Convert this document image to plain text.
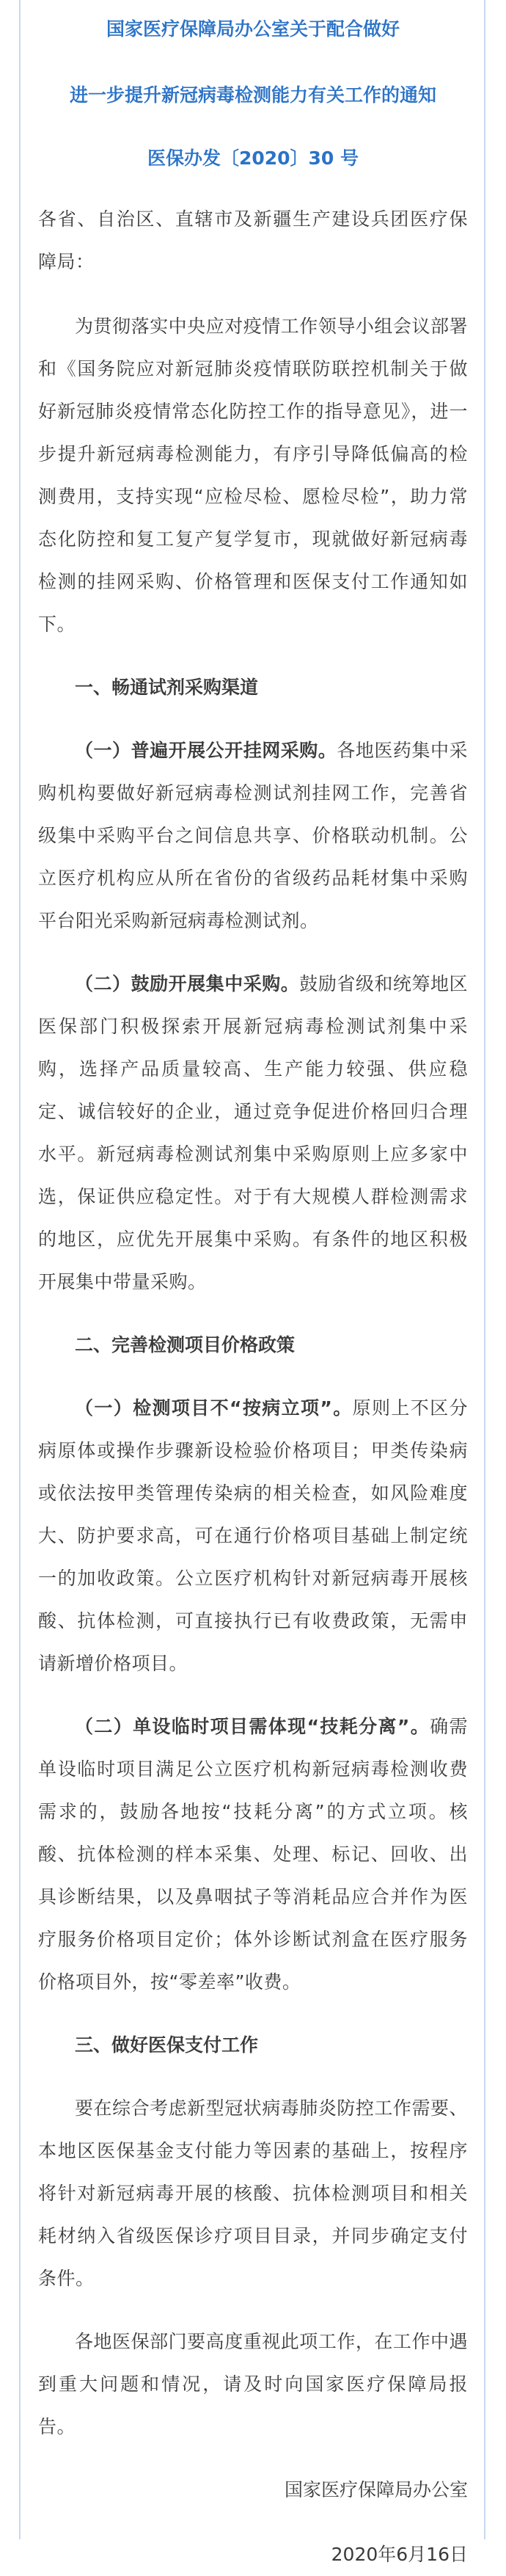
国家医疗保障局办公室关于配合做好

进一步提升新冠病毒检测能力有关工作的通知

医保办发〔2020〕30 号

各省、自治区、直辖市及新疆生产建设兵团医疗保障局：

为贯彻落实中央应对疫情工作领导小组会议部署和《国务院应对新冠肺炎疫情联防联控机制关于做好新冠肺炎疫情常态化防控工作的指导意见》，进一步提升新冠病毒检测能力，有序引导降低偏高的检测费用，支持实现“应检尽检、愿检尽检”，助力常态化防控和复工复产复学复市，现就做好新冠病毒检测的挂网采购、价格管理和医保支付工作通知如下。

一、畅通试剂采购渠道

（一）普遍开展公开挂网采购。各地医药集中采购机构要做好新冠病毒检测试剂挂网工作，完善省级集中采购平台之间信息共享、价格联动机制。公立医疗机构应从所在省份的省级药品耗材集中采购平台阳光采购新冠病毒检测试剂。

（二）鼓励开展集中采购。鼓励省级和统筹地区医保部门积极探索开展新冠病毒检测试剂集中采购，选择产品质量较高、生产能力较强、供应稳定、诚信较好的企业，通过竞争促进价格回归合理水平。新冠病毒检测试剂集中采购原则上应多家中选，保证供应稳定性。对于有大规模人群检测需求的地区，应优先开展集中采购。有条件的地区积极开展集中带量采购。

二、完善检测项目价格政策

（一）检测项目不“按病立项”。原则上不区分病原体或操作步骤新设检验价格项目；甲类传染病或依法按甲类管理传染病的相关检查，如风险难度大、防护要求高，可在通行价格项目基础上制定统一的加收政策。公立医疗机构针对新冠病毒开展核酸、抗体检测，可直接执行已有收费政策，无需申请新增价格项目。

（二）单设临时项目需体现“技耗分离”。确需单设临时项目满足公立医疗机构新冠病毒检测收费需求的，鼓励各地按“技耗分离”的方式立项。核酸、抗体检测的样本采集、处理、标记、回收、出具诊断结果，以及鼻咽拭子等消耗品应合并作为医疗服务价格项目定价；体外诊断试剂盒在医疗服务价格项目外，按“零差率”收费。

三、做好医保支付工作

要在综合考虑新型冠状病毒肺炎防控工作需要、本地区医保基金支付能力等因素的基础上，按程序将针对新冠病毒开展的核酸、抗体检测项目和相关耗材纳入省级医保诊疗项目目录，并同步确定支付条件。

各地医保部门要高度重视此项工作，在工作中遇到重大问题和情况，请及时向国家医疗保障局报告。

国家医疗保障局办公室

2020年6月16日
